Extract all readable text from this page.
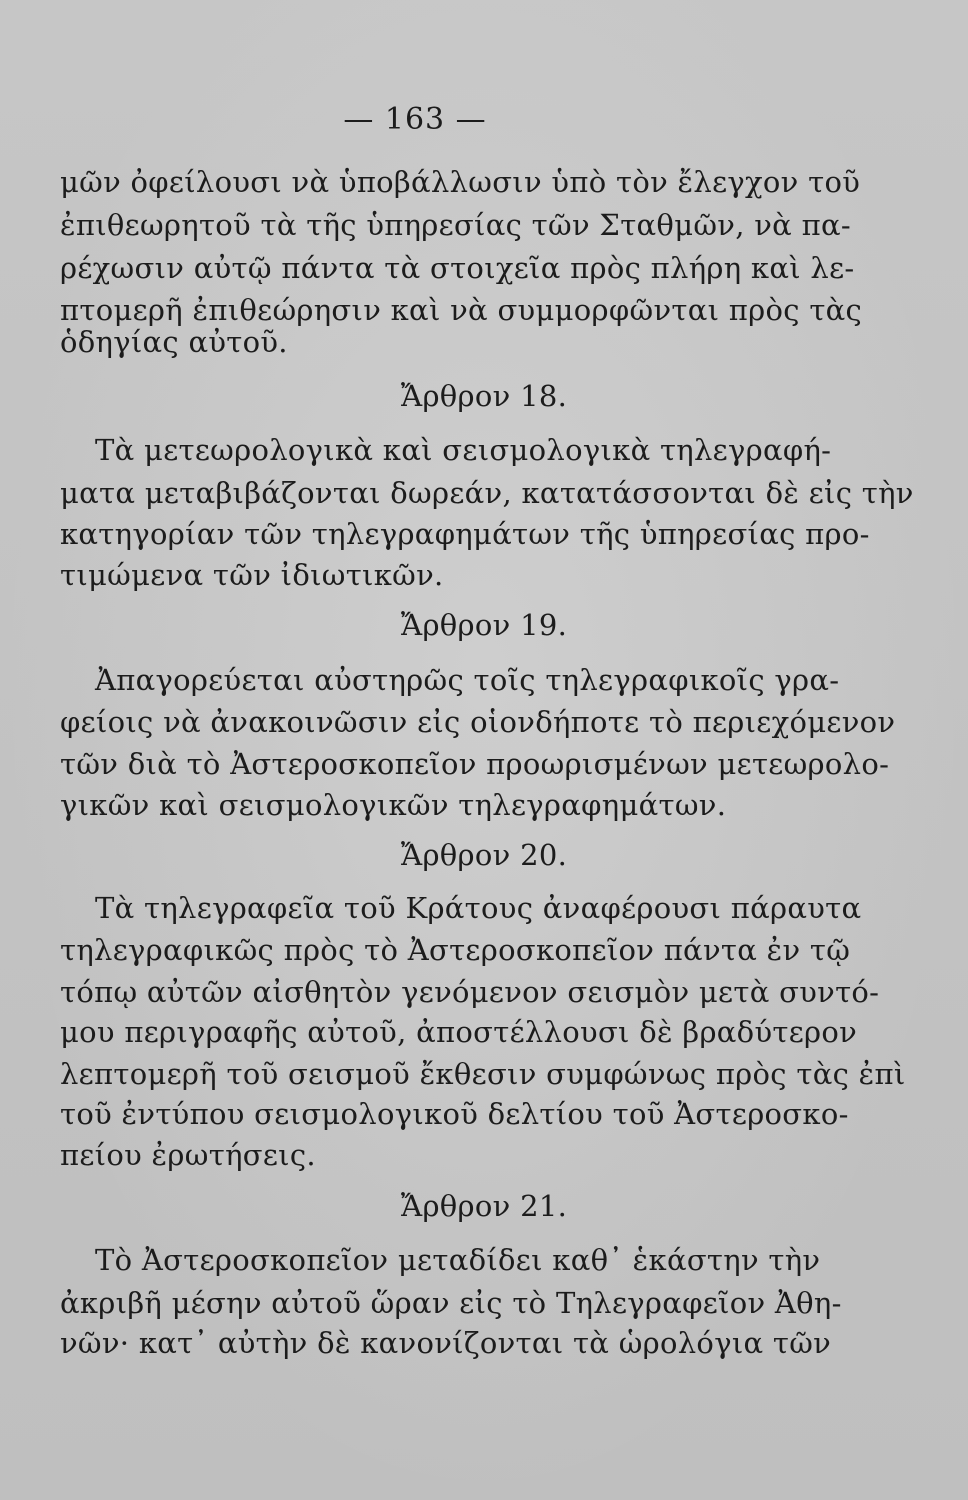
— 163 —
μῶν ὀφείλουσι νὰ ὑποβάλλωσιν ὑπὸ τὸν ἔλεγχον τοῦ
ἐπιθεωρητοῦ τὰ τῆς ὑπηρεσίας τῶν Σταθμῶν, νὰ πα-
ρέχωσιν αὐτῷ πάντα τὰ στοιχεῖα πρὸς πλήρη καὶ λε-
πτομερῆ ἐπιθεώρησιν καὶ νὰ συμμορφῶνται πρὸς τὰς
ὁδηγίας αὐτοῦ.
Ἄρθρον 18.
Τὰ μετεωρολογικὰ καὶ σεισμολογικὰ τηλεγραφή-
ματα μεταβιβάζονται δωρεάν, κατατάσσονται δὲ εἰς τὴν
κατηγορίαν τῶν τηλεγραφημάτων τῆς ὑπηρεσίας προ-
τιμώμενα τῶν ἰδιωτικῶν.
Ἄρθρον 19.
Ἀπαγορεύεται αὐστηρῶς τοῖς τηλεγραφικοῖς γρα-
φείοις νὰ ἀνακοινῶσιν εἰς οἱονδήποτε τὸ περιεχόμενον
τῶν διὰ τὸ Ἀστεροσκοπεῖον προωρισμένων μετεωρολο-
γικῶν καὶ σεισμολογικῶν τηλεγραφημάτων.
Ἄρθρον 20.
Τὰ τηλεγραφεῖα τοῦ Κράτους ἀναφέρουσι πάραυτα
τηλεγραφικῶς πρὸς τὸ Ἀστεροσκοπεῖον πάντα ἐν τῷ
τόπῳ αὐτῶν αἰσθητὸν γενόμενον σεισμὸν μετὰ συντό-
μου περιγραφῆς αὐτοῦ, ἀποστέλλουσι δὲ βραδύτερον
λεπτομερῆ τοῦ σεισμοῦ ἔκθεσιν συμφώνως πρὸς τὰς ἐπὶ
τοῦ ἐντύπου σεισμολογικοῦ δελτίου τοῦ Ἀστεροσκο-
πείου ἐρωτήσεις.
Ἄρθρον 21.
Τὸ Ἀστεροσκοπεῖον μεταδίδει καθ᾿ ἑκάστην τὴν
ἀκριβῆ μέσην αὐτοῦ ὥραν εἰς τὸ Τηλεγραφεῖον Ἀθη-
νῶν· κατ᾿ αὐτὴν δὲ κανονίζονται τὰ ὡρολόγια τῶν
